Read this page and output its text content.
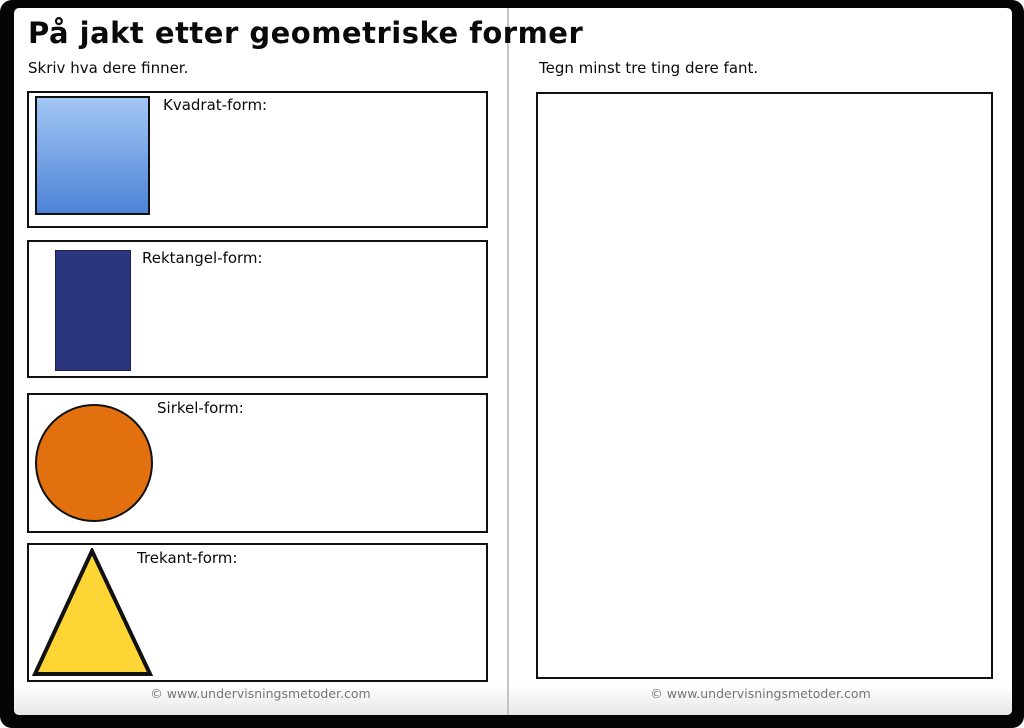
På jakt etter geometriske former
Skriv hva dere finner.
Kvadrat-form:
Rektangel-form:
Sirkel-form:
Trekant-form:
© www.undervisningsmetoder.com
Tegn minst tre ting dere fant.
© www.undervisningsmetoder.com
